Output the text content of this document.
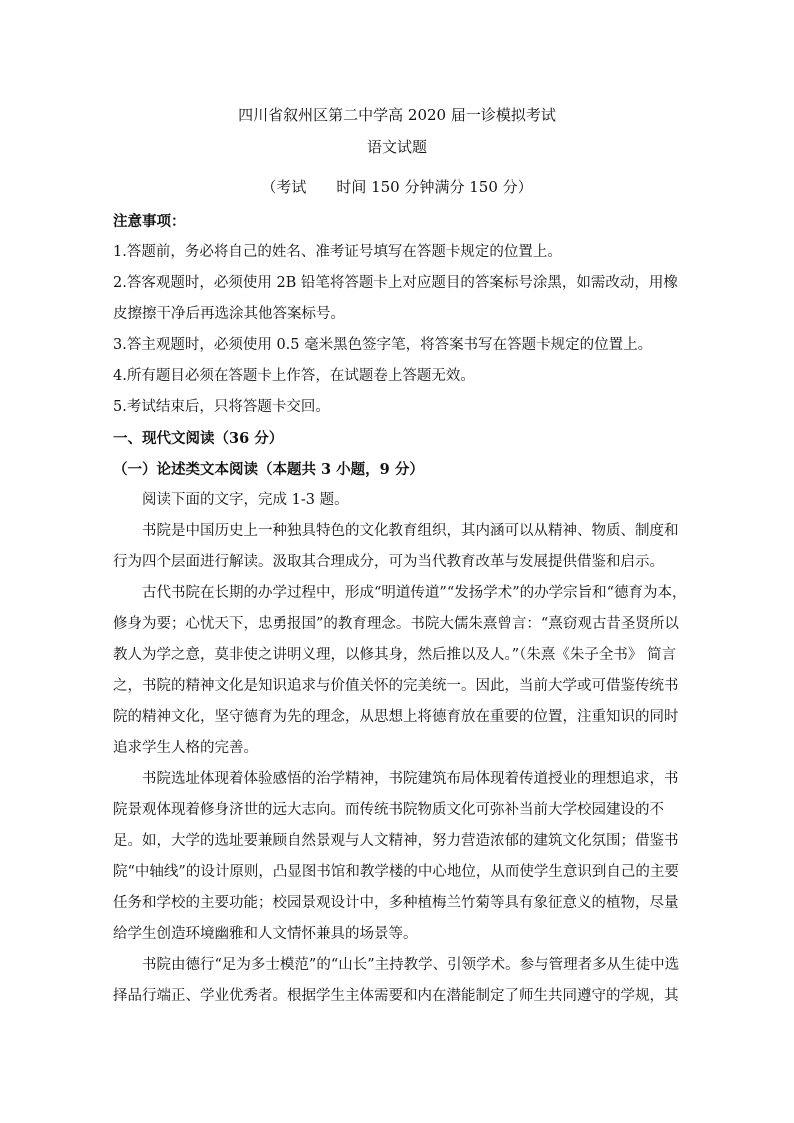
四川省叙州区第二中学高 2020 届一诊模拟考试
语文试题
（考试　　时间 150 分钟满分 150 分）

注意事项：

1.答题前，务必将自己的姓名、准考证号填写在答题卡规定的位置上。

2.答客观题时，必须使用 2B 铅笔将答题卡上对应题目的答案标号涂黑，如需改动，用橡皮擦擦干净后再选涂其他答案标号。

3.答主观题时，必须使用 0.5 毫米黑色签字笔，将答案书写在答题卡规定的位置上。

4.所有题目必须在答题卡上作答，在试题卷上答题无效。

5.考试结束后，只将答题卡交回。

一、现代文阅读（36 分）

（一）论述类文本阅读（本题共 3 小题，9 分）

阅读下面的文字，完成 1-3 题。

书院是中国历史上一种独具特色的文化教育组织，其内涵可以从精神、物质、制度和行为四个层面进行解读。汲取其合理成分，可为当代教育改革与发展提供借鉴和启示。

古代书院在长期的办学过程中，形成“明道传道”“发扬学术”的办学宗旨和“德育为本，修身为要；心忧天下，忠勇报国”的教育理念。书院大儒朱熹曾言：“熹窃观古昔圣贤所以教人为学之意，莫非使之讲明义理，以修其身，然后推以及人。”（朱熹《朱子全书》 简言之，书院的精神文化是知识追求与价值关怀的完美统一。因此，当前大学或可借鉴传统书院的精神文化，坚守德育为先的理念，从思想上将德育放在重要的位置，注重知识的同时追求学生人格的完善。

书院选址体现着体验感悟的治学精神，书院建筑布局体现着传道授业的理想追求，书院景观体现着修身济世的远大志向。而传统书院物质文化可弥补当前大学校园建设的不足。如，大学的选址要兼顾自然景观与人文精神，努力营造浓郁的建筑文化氛围；借鉴书院“中轴线”的设计原则，凸显图书馆和教学楼的中心地位，从而使学生意识到自己的主要任务和学校的主要功能；校园景观设计中，多种植梅兰竹菊等具有象征意义的植物，尽量给学生创造环境幽雅和人文情怀兼具的场景等。

书院由德行“足为多士模范”的“山长”主持教学、引领学术。参与管理者多从生徒中选择品行端正、学业优秀者。根据学生主体需要和内在潜能制定了师生共同遵守的学规，其
